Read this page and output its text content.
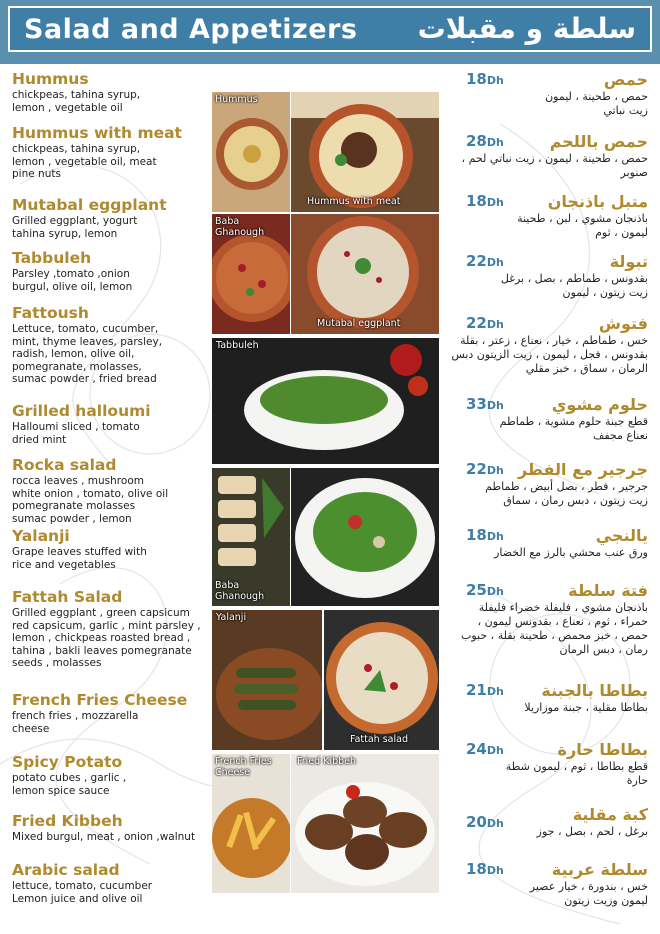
Salad and Appetizers سلطة و مقبلات
Hummus
chickpeas, tahina syrup, lemon , vegetable oil
Hummus with meat
chickpeas, tahina syrup, lemon , vegetable oil, meat pine nuts
Mutabal eggplant
Grilled eggplant, yogurt tahina syrup, lemon
Tabbuleh
Parsley ,tomato ,onion burgul, olive oil, lemon
Fattoush
Lettuce, tomato, cucumber, mint, thyme leaves, parsley, radish, lemon, olive oil, pomegranate, molasses, sumac powder , fried bread
Grilled halloumi
Halloumi sliced , tomato dried mint
Rocka salad
rocca leaves , mushroom white onion , tomato, olive oil pomegranate molasses sumac powder , lemon
Yalanji
Grape leaves stuffed with rice and vegetables
Fattah Salad
Grilled eggplant , green capsicum red capsicum, garlic , mint parsley , lemon , chickpeas roasted bread , tahina , bakli leaves pomegranate seeds , molasses
French Fries Cheese
french fries , mozzarella cheese
Spicy Potato
potato cubes , garlic , lemon spice sauce
Fried Kibbeh
Mixed burgul, meat , onion ,walnut
Arabic salad
lettuce, tomato, cucumber Lemon juice and olive oil
Hummus
Hummus with meat
Baba Ghanough
Mutabal eggplant
Tabbuleh
Baba Ghanough
Yalanji
Fattah salad
French Fries Cheese
Fried Kibbeh
18Dh	حمص
حمص ، طحينة ، ليمون زيت نباتي
28Dh	حمص باللحم
حمص ، طحينة ، ليمون ، زيت نباتي لحم ، صنوبر
18Dh	متبل باذنجان
باذنجان مشوي ، لبن ، طحينة ليمون ، ثوم
22Dh	تبولة
بقدونس ، طماطم ، بصل ، برغل زيت زيتون ، ليمون
22Dh	فتوش
خس ، طماطم ، خيار ، نعناع ، زعتر ، بقلة بقدونس ، فجل ، ليمون ، زيت الزيتون دبس الرمان ، سماق ، خبز مقلي
33Dh	حلوم مشوي
قطع جبنة حلوم مشوية ، طماطم نعناع مجفف
22Dh جرجير مع الفطر
جرجير ، فطر ، بصل أبيض ، طماطم زيت زيتون ، دبس رمان ، سماق
18Dh	يالنجي
ورق عنب محشي بالرز مع الخضار
25Dh	فتة سلطة
باذنجان مشوي ، فليفلة خضراء فليفلة حمراء ، ثوم ، نعناع ، بقدونس ليمون ، حمص ، خبز محمص ، طحينة بقلة ، حبوب رمان ، دبس الرمان
21Dh	بطاطا بالجبنة
بطاطا مقلية ، جبنة موزاريلا
24Dh	بطاطا حارة
قطع بطاطا ، ثوم ، ليمون شطة حارة
20Dh	كبة مقلية
برغل ، لحم ، بصل ، جوز
18Dh	سلطة عربية
خس ، بندورة ، خيار عصير ليمون وزيت زيتون
